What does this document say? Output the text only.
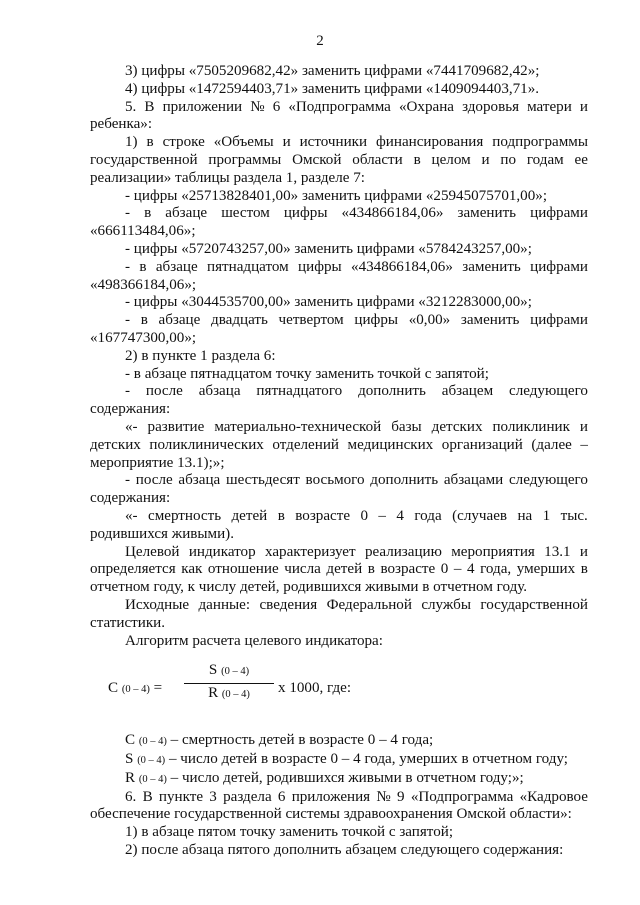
2
3) цифры «7505209682,42» заменить цифрами «7441709682,42»;
4) цифры «1472594403,71» заменить цифрами «1409094403,71».
5. В приложении № 6 «Подпрограмма «Охрана здоровья матери и
ребенка»:
1) в строке «Объемы и источники финансирования подпрограммы
государственной программы Омской области в целом и по годам ее
реализации» таблицы раздела 1, разделе 7:
- цифры «25713828401,00» заменить цифрами «25945075701,00»;
- в абзаце шестом цифры «434866184,06» заменить цифрами
«666113484,06»;
- цифры «5720743257,00» заменить цифрами «5784243257,00»;
- в абзаце пятнадцатом цифры «434866184,06» заменить цифрами
«498366184,06»;
- цифры «3044535700,00» заменить цифрами «3212283000,00»;
- в абзаце двадцать четвертом цифры «0,00» заменить цифрами
«167747300,00»;
2) в пункте 1 раздела 6:
- в абзаце пятнадцатом точку заменить точкой с запятой;
- после абзаца пятнадцатого дополнить абзацем следующего
содержания:
«- развитие материально-технической базы детских поликлиник и
детских поликлинических отделений медицинских организаций (далее –
мероприятие 13.1);»;
- после абзаца шестьдесят восьмого дополнить абзацами следующего
содержания:
«- смертность детей в возрасте 0 – 4 года (случаев на 1 тыс.
родившихся живыми).
Целевой индикатор характеризует реализацию мероприятия 13.1 и
определяется как отношение числа детей в возрасте 0 – 4 года, умерших в
отчетном году, к числу детей, родившихся живыми в отчетном году.
Исходные данные: сведения Федеральной службы государственной
статистики.
Алгоритм расчета целевого индикатора:
C (0 – 4) =
S (0 – 4)
R (0 – 4)	x 1000, где:
C (0 – 4) – смертность детей в возрасте 0 – 4 года;
S (0 – 4) – число детей в возрасте 0 – 4 года, умерших в отчетном году;
R (0 – 4) – число детей, родившихся живыми в отчетном году;»;
6. В пункте 3 раздела 6 приложения № 9 «Подпрограмма «Кадровое
обеспечение государственной системы здравоохранения Омской области»:
1) в абзаце пятом точку заменить точкой с запятой;
2) после абзаца пятого дополнить абзацем следующего содержания:
